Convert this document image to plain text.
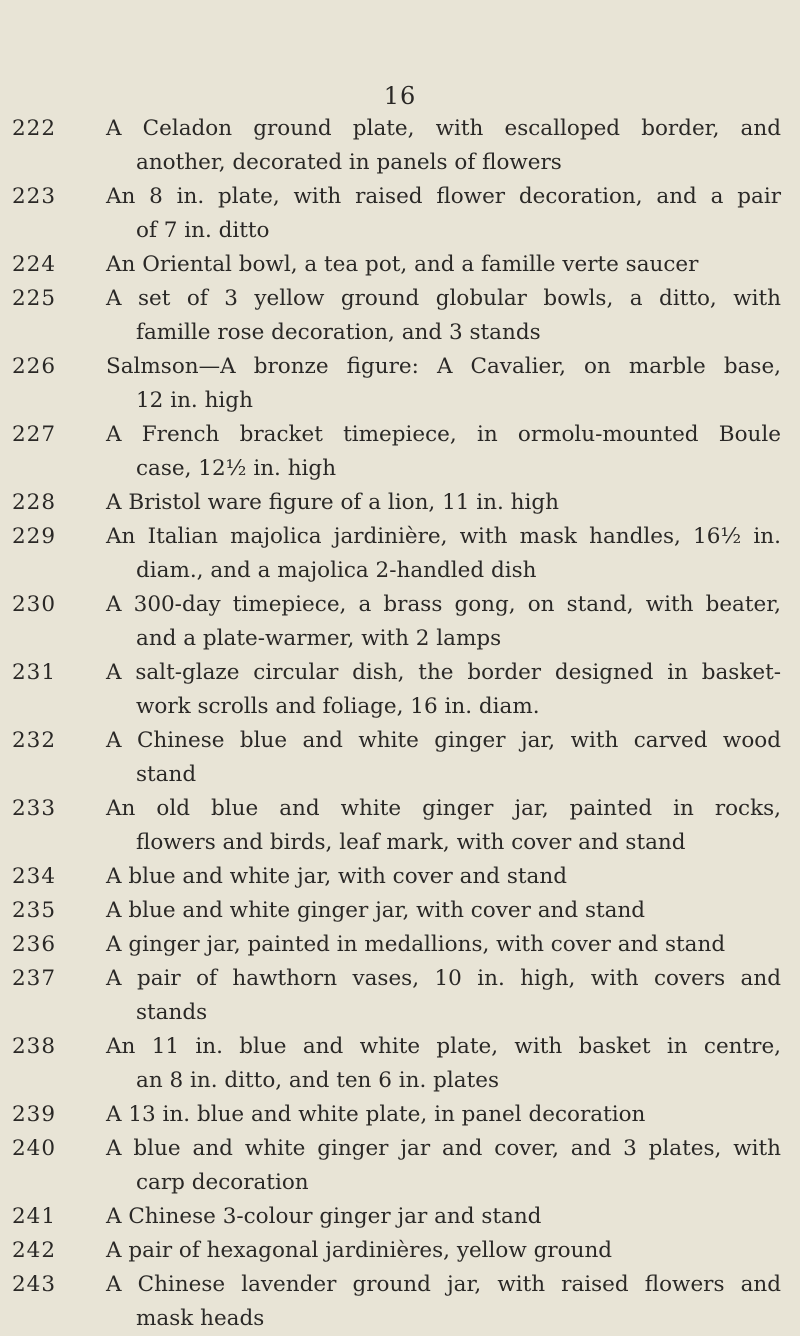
16
222	A Celadon ground plate, with escalloped border, and
another, decorated in panels of flowers
223	An 8 in. plate, with raised flower decoration, and a pair
of 7 in. ditto
224	An Oriental bowl, a tea pot, and a famille verte saucer
225	A set of 3 yellow ground globular bowls, a ditto, with
famille rose decoration, and 3 stands
226	Salmson—A bronze figure: A Cavalier, on marble base,
12 in. high
227	A French bracket timepiece, in ormolu-mounted Boule
case, 12½ in. high
228	A Bristol ware figure of a lion, 11 in. high
229	An Italian majolica jardinière, with mask handles, 16½ in.
diam., and a majolica 2-handled dish
230	A 300-day timepiece, a brass gong, on stand, with beater,
and a plate-warmer, with 2 lamps
231	A salt-glaze circular dish, the border designed in basket-
work scrolls and foliage, 16 in. diam.
232	A Chinese blue and white ginger jar, with carved wood
stand
233	An old blue and white ginger jar, painted in rocks,
flowers and birds, leaf mark, with cover and stand
234	A blue and white jar, with cover and stand
235	A blue and white ginger jar, with cover and stand
236	A ginger jar, painted in medallions, with cover and stand
237	A pair of hawthorn vases, 10 in. high, with covers and
stands
238	An 11 in. blue and white plate, with basket in centre,
an 8 in. ditto, and ten 6 in. plates
239	A 13 in. blue and white plate, in panel decoration
240	A blue and white ginger jar and cover, and 3 plates, with
carp decoration
241	A Chinese 3-colour ginger jar and stand
242	A pair of hexagonal jardinières, yellow ground
243	A Chinese lavender ground jar, with raised flowers and
mask heads
